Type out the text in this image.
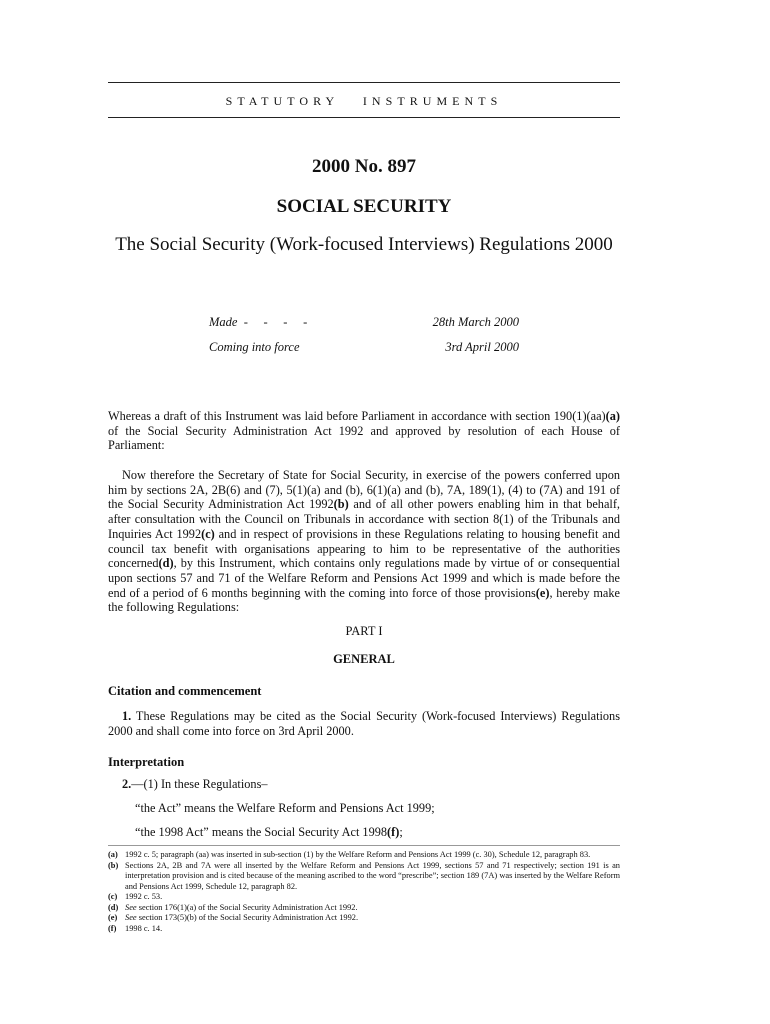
STATUTORY   INSTRUMENTS
2000 No. 897
SOCIAL SECURITY
The Social Security (Work-focused Interviews) Regulations 2000
Made  -     -     -     -	28th March 2000
Coming into force	3rd April 2000
Whereas a draft of this Instrument was laid before Parliament in accordance with section 190(1)(aa)(a) of the Social Security Administration Act 1992 and approved by resolution of each House of Parliament:
Now therefore the Secretary of State for Social Security, in exercise of the powers conferred upon him by sections 2A, 2B(6) and (7), 5(1)(a) and (b), 6(1)(a) and (b), 7A, 189(1), (4) to (7A) and 191 of the Social Security Administration Act 1992(b) and of all other powers enabling him in that behalf, after consultation with the Council on Tribunals in accordance with section 8(1) of the Tribunals and Inquiries Act 1992(c) and in respect of provisions in these Regulations relating to housing benefit and council tax benefit with organisations appearing to him to be representative of the authorities concerned(d), by this Instrument, which contains only regulations made by virtue of or consequential upon sections 57 and 71 of the Welfare Reform and Pensions Act 1999 and which is made before the end of a period of 6 months beginning with the coming into force of those provisions(e), hereby make the following Regulations:
PART I
GENERAL
Citation and commencement
1. These Regulations may be cited as the Social Security (Work-focused Interviews) Regulations 2000 and shall come into force on 3rd April 2000.
Interpretation
2.—(1) In these Regulations–
“the Act” means the Welfare Reform and Pensions Act 1999;
“the 1998 Act” means the Social Security Act 1998(f);
(a) 1992 c. 5; paragraph (aa) was inserted in sub-section (1) by the Welfare Reform and Pensions Act 1999 (c. 30), Schedule 12, paragraph 83.
(b) Sections 2A, 2B and 7A were all inserted by the Welfare Reform and Pensions Act 1999, sections 57 and 71 respectively; section 191 is an interpretation provision and is cited because of the meaning ascribed to the word “prescribe”; section 189 (7A) was inserted by the Welfare Reform and Pensions Act 1999, Schedule 12, paragraph 82.
(c) 1992 c. 53.
(d) See section 176(1)(a) of the Social Security Administration Act 1992.
(e) See section 173(5)(b) of the Social Security Administration Act 1992.
(f) 1998 c. 14.
